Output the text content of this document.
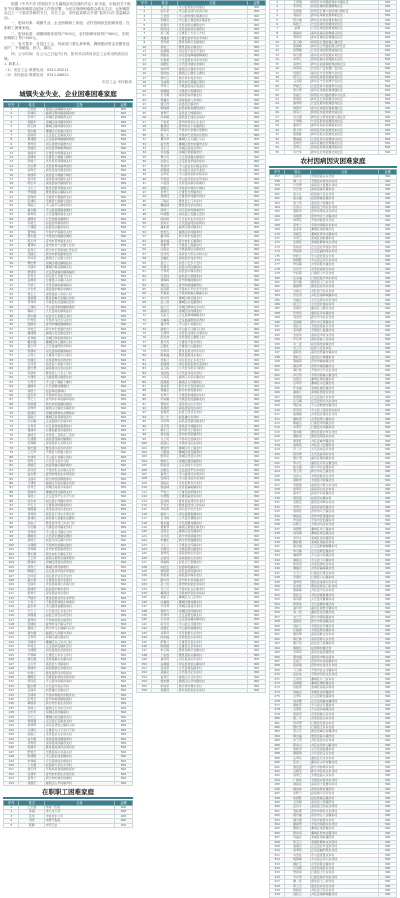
根据《中共中央 国务院关于打赢脱贫攻坚战的决定》和市委、市政府关于做好节日期间困难群众慰问工作的部署，为切实保障困难群众基本生活，让困难群众过上一个欢乐祥和的节日，市总工会、市民政局联合开展“春风行动”送温暖活动。

一、慰问对象：城镇失业、企业困难职工家庭；农村因病致贫困难家庭；在职职工困难家庭。

二、慰问标准：城镇困难家庭每户500元，农村困难家庭每户300元，在职困难职工每户400元。

三、有关要求：各县区工会、民政部门要认真审核，确保慰问资金足额发放到户，不得截留、挤占、挪用。

四、公示时间：自公示之日起7日内，如有异议请向市总工会或市民政局反映。

1. 联系人：

（1）市总工会 联系电话：0311-83211

（2）市民政局 联系电话：0311-86022

市总工会 市民政局

城镇失业失业、企业困难困难家庭
序号	姓名	住址	金额
1	王桂香	鹿泉区获鹿镇东关村	500
2	李建民	鹿泉区铜冶镇南铜冶村	500
3	张秀兰	栾城区栾城镇西关村	500
4	刘国华	栾城区冶河镇冶河村	500
5	陈玉梅	藁城区廉州镇东街村	500
6	杨志刚	藁城区兴安镇兴安村	500
7	赵淑珍	正定县正定镇南关村	500
8	黄建国	正定县新城铺镇新城村	500
9	周秀英	井陉县微水镇微水村	500
10	吴国庆	井陉县秀林镇秀林村	500
11	徐丽华	行唐县龙州镇南关村	500
12	孙建华	行唐县上碑镇上碑村	500
13	胡桂兰	灵寿县灵寿镇城关村	500
14	朱志勇	灵寿县青同镇青同村	500
15	高秀芝	高邑县高邑镇北街村	500
16	林建军	高邑县万城镇万城村	500
17	何凤英	深泽县深泽镇东关村	500
18	郭志华	深泽县铁杆镇铁杆村	500
19	马玉兰	赞皇县赞皇镇南关村	500
20	罗国强	赞皇县院头镇院头村	500
21	梁秀珍	无极县无极镇西关村	500
22	宋建民	无极县七汲镇七汲村	500
23	郑淑兰	平山县平山镇东街村	500
24	谢志刚	平山县温塘镇温塘村	500
25	韩秀英	元氏县槐阳镇北关村	500
26	唐国华	元氏县殷村镇殷村	500
27	冯桂芝	赵县赵州镇南街村	500
28	于建国	赵县范庄镇范庄村	500
29	董秀梅	辛集市辛集镇东关村	500
30	萧志强	辛集市旧城镇旧城村	500
31	程玉珍	晋州市晋州镇北关村	500
32	曹建华	晋州市总十庄镇十庄村	500
33	袁秀兰	新乐市长寿街道长寿社区	500
34	邓国庆	新乐市承安镇承安村	500
35	许凤英	鹿泉区上庄镇上庄村	500
36	傅志勇	栾城区楼底镇楼底村	500
37	沈丽华	藁城区梅花镇梅花村	500
38	曾建军	正定县诸福屯镇诸福村	500
39	彭秀芝	井陉县天长镇天长村	500
40	吕国华	行唐县口头镇口头村	500
41	苏桂兰	灵寿县慈峪镇慈峪村	500
42	卢志华	高邑县中韩乡中韩村	500
43	蒋玉兰	深泽县赵八乡赵八村	500
44	蔡国强	赞皇县嶂石岩镇石岩村	500
45	贾秀珍	无极县张段固镇张段村	500
46	丁建民	平山县西柏坡镇柏坡村	500
47	魏淑兰	元氏县南佐镇南佐村	500
48	薛志刚	赵县北王里镇王里村	500
49	叶秀英	辛集市马庄乡马庄村	500
50	阎国华	晋州市槐树镇槐树村	500
51	余桂芝	新乐市化皮镇化皮村	500
52	潘建国	鹿泉区宜安镇宜安村	500
53	杜秀梅	栾城区窦妪镇窦妪村	500
54	戴志强	藁城区岗上镇岗上村	500
55	夏玉珍	正定县曲阳桥乡桥村	500
56	钟建华	井陉县南峪镇南峪村	500
57	汪秀兰	行唐县只里乡只里村	500
58	田国庆	灵寿县狗台乡狗台村	500
59	任凤英	高邑县大营镇大营村	500
60	姜志勇	深泽县白庄乡白庄村	500
61	范丽华	赞皇县土门乡土门村	500
62	方建军	无极县郭庄镇郭庄村	500
63	石秀芝	平山县下槐镇下槐村	500
64	姚国华	元氏县姬村镇姬村	500
65	谭桂兰	赵县韩村镇韩村	500
66	廖志华	辛集市田家庄乡田村	500
67	邹玉兰	晋州市东卓宿镇卓宿村	500
68	熊国强	新乐市杜固镇杜固村	500
69	金秀珍	鹿泉区白鹿泉乡鹿泉村	500
70	陆建民	栾城区柳林屯乡柳林村	500
71	郝淑兰	藁城区南营镇南营村	500
72	孔志刚	正定县南牛乡南牛村	500
73	白秀英	井陉县测鱼镇测鱼村	500
74	崔国华	行唐县翟营乡翟营村	500
75	康桂芝	灵寿县三圣院乡三圣村	500
76	毛建国	高邑县西富村镇富村	500
77	邱秀梅	深泽县桥头乡桥头村	500
78	秦志强	赞皇县许亭乡许亭村	500
79	江玉珍	无极县大陈镇大陈村	500
80	史建华	平山县小觉镇小觉村	500
81	顾秀兰	元氏县马村乡马村	500
82	侯国庆	赵县新寨店镇新寨村	500
83	邵凤英	辛集市张古庄镇古庄村	500
84	孟志勇	晋州市周家庄乡周家村	500
85	龙丽华	新乐市邯邰镇邯邰村	500
86	万建军	鹿泉区寺家庄镇寺家村	500
87	段秀芝	栾城区南高乡南高村	500
88	雷国华	藁城区西关镇西关村	500
89	钱桂兰	正定县西平乐乡平乐村	500
90	汤志华	井陉县小作镇小作村	500
91	尹玉兰	行唐县南桥镇南桥村	500
92	黎国强	灵寿县北洼乡北洼村	500
93	易秀珍	高邑县王同庄乡同庄村	500
94	常建民	深泽县大直要乡直要村	500
95	武淑兰	赞皇县西龙门乡龙门村	500
96	乔志刚	无极县北苏镇北苏村	500
97	贺秀英	平山县古月镇古月村	500
98	赖国华	元氏县宋曹镇宋曹村	500
99	龚桂芝	赵县沙河店镇沙河村	500
100	文建国	辛集市位伯镇位伯村	500
101	庞秀梅	晋州市营里镇营里村	500
102	樊志强	新乐市东王镇东王村	500
103	兰玉珍	鹿泉区黄壁庄镇黄壁村	500
104	殷建华	栾城区西营乡西营村	500
105	施秀兰	藁城区增村镇增村	500
106	陶国庆	正定县北早现乡早现村	500
107	洪凤英	井陉县辛庄乡辛庄村	500
108	翟志勇	行唐县安香乡安香村	500
109	安丽华	灵寿县南燕川乡燕川村	500
110	颜建军	高邑县中韩乡北村	500
111	倪秀芝	深泽县留村乡留村	500
112	严国华	赞皇县黄北坪乡北坪村	500
113	牛桂兰	无极县里城道乡城道村	500
114	温志华	平山县回舍镇回舍村	500
115	芦玉兰	元氏县北正乡北正村	500
116	季国强	赵县王西章乡西章村	500
117	俞秀珍	辛集市前营乡前营村	500
118	章建民	晋州市马于镇马于村	500
119	鲁淑兰	新乐市马头铺镇马头村	500
120	葛志刚	鹿泉区大河镇大河村	500
121	伍秀英	栾城区楼底镇东村	500
122	韦国华	藁城区九门乡九门村	500
123	申桂芝	正定县新安镇新安村	500
124	尤建国	井陉县孙庄乡孙庄村	500
125	毕秀梅	行唐县玉亭乡玉亭村	500
126	聂志强	灵寿县寨头乡寨头村	500
127	丛玉珍	高邑县大营镇南村	500
128	焦建华	深泽县耿庄乡耿庄村	500
129	向秀兰	赞皇县阳泽乡阳泽村	500
130	柳国庆	无极县东侯坊乡侯坊村	500
131	邢凤英	平山县岗南镇岗南村	500
132	路志勇	元氏县苏村乡苏村	500
133	岳丽华	赵县谢庄乡谢庄村	500
134	齐建军	辛集市和睦井乡睦井村	500
135	沿秀芝	晋州市桃园镇桃园村	500
136	梅国华	新乐市彭家庄乡彭村	500
137	莫桂兰	鹿泉区石井乡石井村	500
138	庄志华	栾城区冶河镇南村	500
139	辛玉兰	藁城区常安镇常安村	500
140	管国强	正定县正定镇北关村	500
141	祝秀珍	井陉县苍岩山镇岩山村	500
142	左建民	行唐县九口子乡口子村	500
143	涂淑兰	灵寿县岔头乡岔头村	500
144	谷志刚	高邑县高邑镇南街村	500
145	祁秀英	深泽县深泽镇西关村	500
146	时国华	赞皇县南清河乡清河村	500
147	舒桂芝	无极县高头乡高头村	500
148	耿建国	平山县东回舍镇东村	500
149	牟秀梅	元氏县前仙乡前仙村	500
150	卜志强	赵县前大章乡大章村	500
151	詹玉珍	辛集市南智邱镇智邱村	500
152	关建华	晋州市东里庄乡里庄村	500
153	苗秀兰	新乐市协神乡协神村	500
154	凌国庆	鹿泉区山尹村镇尹村	500
在职职工困难家庭
序号	姓名	住址	金额
1	王志强	市第一医院	400
2	李丽	市公交公司	400
3	张伟	市自来水公司	400
4	刘洋	市燃气集团	400
5	陈静	市环卫处	400
序号	姓名	住址	金额
1	刘二旦	平山县营里乡营里村	300
2	张小花	平山县合河口乡河口村	300
3	王金锁	平山县蛟潭庄镇潭庄村	300
4	李满仓	平山县上观音堂乡观音村	300
5	赵银凤	灵寿县陈庄镇陈庄村	300
6	陈拴柱	灵寿县南营乡南营村	300
7	杨二妮	行唐县上方乡上方村	300
8	周福来	行唐县独羊岗乡羊岗村	300
9	吴秋菊	赞皇县嶂石岩镇南村	300
10	徐老三	赞皇县院头镇北村	300
11	孙喜梅	井陉县于家乡于家村	300
12	胡铁蛋	井陉县南障城镇障城村	300
13	朱春燕	元氏县黑水河乡水河村	300
14	高根生	元氏县北褚乡北褚村	300
15	林改琴	鹿泉区白鹿泉乡东村	300
16	何拴成	鹿泉区上寨乡上寨村	300
17	郭巧云	新乐市木村乡木村	300
18	马成海	新乐市正莫镇正莫村	300
19	罗翠兰	无极县南流乡南流村	300
20	梁满囤	无极县大陈镇西村	300
21	宋月娥	深泽县铁杆镇北村	300
22	郑福全	深泽县赵八乡南村	300
23	谢玉珍	赵县范庄镇北村	300
24	韩保国	赵县南柏舍镇柏舍村	300
25	唐秀芹	高邑县万城镇南村	300
26	冯来顺	高邑县王同庄乡东村	300
27	于桂荣	晋州市周家庄乡北村	300
28	董喜旺	晋州市总十庄镇西村	300
29	萧春英	辛集市中里厢乡里厢村	300
30	程二牛	辛集市天宫营乡宫营村	300
31	曹凤琴	藁城区丘头镇丘头村	300
32	袁长贵	藁城区贾市庄镇市庄村	300
33	邓小红	栾城区南高乡西村	300
34	许全福	栾城区窦妪镇北村	300
35	傅兰英	正定县诸福屯镇南村	300
36	沈金山	正定县北早现乡东村	300
37	曾桂珍	平山县孟家庄镇孟家村	300
38	彭银锁	平山县宅北乡宅北村	300
39	吕翠花	平山县杨家桥乡杨家村	300
40	苏老四	平山县苏家庄乡苏家村	300
41	卢爱莲	灵寿县南寨乡南寨村	300
42	蒋根宝	灵寿县牛城乡牛城村	300
43	蔡秀云	行唐县龙州镇西村	300
44	贾保柱	行唐县市同镇市同村	300
45	丁淑贞	赞皇县土门乡东村	300
46	魏成林	赞皇县许亭乡西村	300
47	薛秋兰	井陉县威州镇威州村	300
48	叶德胜	井陉县上安镇上安村	300
49	阎凤梅	元氏县东张乡东张村	300
50	余有才	元氏县赵同乡赵同村	300
51	潘彩霞	鹿泉区铜冶镇北村	300
52	杜老五	鹿泉区李村镇李村	300
53	戴月梅	新乐市化皮镇北村	300
54	夏永福	新乐市东王镇西村	300
55	钟素琴	无极县七汲镇东村	300
56	汪保全	无极县郝庄乡郝庄村	300
57	田改英	深泽县大桥头乡桥头村	300
58	任福生	深泽县羊村乡羊村	300
59	姜玉兰	赵县大安乡大安村	300
60	范满仓	赵县沙河店镇东村	300
61	方秀英	高邑县中韩乡西村	300
62	石金柱	高邑县大营镇北村	300
63	姚春梅	晋州市槐树镇东村	300
64	谭拴宝	晋州市桃园镇西村	300
65	廖凤霞	辛集市小辛庄乡辛庄村	300
66	邹喜来	辛集市新垒头镇垒头村	300
67	熊巧珍	藁城区梅花镇北村	300
68	金二虎	藁城区兴安镇西村	300
69	陆兰芝	栾城区柳林屯乡东村	300
70	郝铁柱	栾城区冶河镇北村	300
71	孔彩云	正定县新城铺镇北村	300
72	白福海	正定县曲阳桥乡西村	300
73	崔改琴	平山县小觉镇东村	300
74	康老六	平山县下口镇下口村	300
75	毛秀珍	灵寿县北谭庄乡谭庄村	300
76	邱长林	灵寿县塔上镇塔上村	300
77	秦月英	行唐县只里乡西村	300
78	江银生	行唐县口头镇北村	300
79	史翠萍	赞皇县黄北坪乡东村	300
80	顾来福	赞皇县阳泽乡北村	300
81	侯春兰	井陉县北正乡北正村	300
82	邵保国	井陉县吴家窑乡家窑村	300
83	孟玉梅	元氏县苏阳乡苏阳村	300
84	龙拴成	元氏县马村乡北村	300
85	万凤英	鹿泉区寺家庄镇东村	300
86	段满囤	鹿泉区大河镇西村	300
87	雷桂香	新乐市长寿街道东村	300
88	钱福全	新乐市承安镇北村	300
89	汤秀芹	无极县里城道乡东村	300
90	尹来顺	无极县张段固镇北村	300
91	黎桂荣	深泽县白庄乡北村	300
92	易喜旺	深泽县留村乡东村	300
93	常春英	赵县王西章乡北村	300
94	武二牛	赵县谢庄乡西村	300
95	乔凤琴	高邑县西富村镇北村	300
96	贺长贵	高邑县万城镇北村	300
97	赖小红	晋州市马于镇东村	300
98	龚全福	晋州市营里镇西村	300
99	文兰英	辛集市位伯镇北村	300
100	庞金山	辛集市马庄乡东村	300
101	樊桂珍	藁城区岗上镇北村	300
102	兰银锁	藁城区常安镇西村	300
103	殷翠花	栾城区西营乡北村	300
104	施老七	栾城区楼底镇西村	300
105	陶爱莲	正定县南牛乡北村	300
106	洪根宝	正定县西平乐乡东村	300
107	翟秀云	平山县两河乡两河村	300
108	安保柱	平山县北冶乡北冶村	300
109	颜淑贞	灵寿县狗台乡北村	300
110	倪成林	灵寿县慈峪镇东村	300
111	严秋兰	行唐县南桥镇北村	300
112	牛德胜	行唐县翟营乡东村	300
113	温凤梅	赞皇县南清河乡北村	300
114	芦有才	赞皇县西龙门乡东村	300
115	季彩霞	井陉县辛庄乡北村	300
116	俞老八	井陉县测鱼镇东村	300
117	章月梅	元氏县宋曹镇北村	300
118	鲁永福	元氏县姬村镇东村	300
119	葛素琴	鹿泉区黄壁庄镇北村	300
120	伍保全	鹿泉区宜安镇东村	300
121	韦改英	新乐市邯邰镇北村	300
122	申福生	新乐市杜固镇东村	300
123	尤玉兰	无极县北苏镇东村	300
124	毕满仓	无极县郭庄镇北村	300
125	聂秀英	深泽县耿庄乡北村	300
126	丛金柱	深泽县桥头乡东村	300
127	焦春梅	赵县北王里镇北村	300
128	向拴宝	赵县韩村镇东村	300
129	柳凤霞	高邑县高邑镇东村	300
130	邢喜来	高邑县中韩乡北村	300
131	路巧珍	晋州市东卓宿镇北村	300
132	岳二虎	晋州市东里庄乡东村	300
133	齐兰芝	辛集市张古庄镇北村	300
134	梅铁柱	辛集市田家庄乡东村	300
135	莫彩云	藁城区九门乡北村	300
136	庄福海	藁城区增村镇东村	300
137	辛改琴	栾城区南高乡北村	300
138	管老九	栾城区冶河镇东村	300
139	祝秀珍	正定县新安镇北村	300
140	左长林	正定县诸福屯镇东村	300
141	涂月英	平山县古月镇北村	300
142	谷银生	平山县岗南镇东村	300
143	祁翠萍	灵寿县寨头乡北村	300
144	时来福	灵寿县岔头乡东村	300
145	舒春兰	行唐县安香乡北村	300
146	耿保国	行唐县玉亭乡东村	300
147	牟玉梅	赞皇县嶂石岩镇东村	300
148	卜拴成	赞皇县院头镇南村	300
149	詹凤英	井陉县孙庄乡北村	300
150	关满囤	井陉县苍岩山镇东村	300
151	苗桂香	元氏县南佐镇北村	300
152	凌福全	元氏县北正乡东村	300
153	霍秀芹	鹿泉区石井乡北村	300
154	虞来顺	鹿泉区山尹村镇东村	300
155	柴桂荣	新乐市协神乡北村	300
156	裴喜旺	新乐市彭家庄乡东村	300
1	王建国	桥西区东华路街道东华路社区	500
2	李秀英	桥西区维明街道维明社区	500
3	张国强	桥西区红旗大街街道红旗社区	500
4	刘淑芳	新华区革新街道革新社区	500
5	陈志刚	新华区东焦街道东焦社区	500
6	杨桂兰	长安区建北街道建北社区	500
7	赵明	长安区青园街道青园社区	500
8	黄丽华	裕华区裕兴街道裕兴社区	500
9	周建军	裕华区槐底街道槐底社区	500
10	吴玉梅	桥西区汇通街道汇通社区	500
11	徐海峰	新华区合作路街道合作社区	500
12	孙慧敏	长安区谈固街道谈固社区	500
13	胡志强	裕华区东苑街道东苑社区	500
14	朱秀兰	桥西区振头街道振头社区	500
15	高建华	新华区赵陵铺街道赵陵社区	500
16	林凤英	长安区广安街道广安社区	500
17	何国庆	裕华区方北街道方北社区	500
18	郭玉兰	桥西区留营街道留营社区	500
19	马文明	新华区宁安街道宁安社区	500
20	罗桂芝	长安区育才街道育才社区	500
21	梁志勇	裕华区建通街道建通社区	500
22	宋淑兰	桥西区中山路街道中山社区	500
23	郑建民	新华区石岗街道石岗社区	500
24	谢秀珍	长安区胜利街道胜利社区	500
25	韩国华	裕华区裕强街道裕强社区	500
26	唐凤兰	桥西区友谊街道友谊社区	500
27	冯志国	新华区大郭村街道大郭社区	500
28	于秀梅	长安区跃进街道跃进社区	500
29	董建平	裕华区裕东街道裕东社区	500
30	萧玉珍	桥西区苑东街道苑东社区	500
31	程国栋	新华区杜北街道杜北社区	500
32	曹丽娟	长安区西兴街道西兴社区	500
33	袁建设	裕华区槐北街道槐北社区	500
34	邓秀兰	桥西区西里街道西里社区	500
35	许志华	新华区北苑街道北苑社区	500
农村因病因灾困难家庭
序号	姓名	住址	金额
157	包春英	无极县高头乡北村	300
158	薄二牛	无极县东侯坊乡东村	300
159	计凤琴	深泽县大直要乡北村	300
160	伏长贵	深泽县铁杆镇东村	300
161	成小红	赵县前大章乡北村	300
162	戚全福	赵县新寨店镇东村	300
163	谈兰英	高邑县大营镇东村	300
164	宗金山	高邑县王同庄乡北村	300
165	裘桂珍	晋州市周家庄乡东村	300
166	栾银锁	晋州市总十庄镇北村	300
167	冉翠花	辛集市前营乡北村	300
168	荣老十	辛集市和睦井乡东村	300
169	屈爱莲	藁城区南营镇北村	300
170	闵根宝	藁城区贾市庄镇东村	300
171	车秀云	栾城区窦妪镇东村	300
172	皮保柱	栾城区柳林屯乡北村	300
173	班淑贞	正定县北早现乡北村	300
174	仰成林	正定县曲阳桥乡东村	300
175	秋秋兰	平山县营里乡北村	300
176	仲德胜	平山县合河口乡东村	300
177	伊凤梅	灵寿县陈庄镇北村	300
178	宫有才	灵寿县南营乡东村	300
179	宁彩霞	行唐县上方乡北村	300
180	仇永福	行唐县独羊岗乡东村	300
181	栾月梅	赞皇县土门乡北村	300
182	暴素琴	赞皇县许亭乡东村	300
183	甘保全	井陉县于家乡北村	300
184	厉改英	井陉县南障城镇东村	300
185	戎福生	元氏县黑水河乡北村	300
186	祖玉兰	元氏县北褚乡东村	300
187	武满仓	鹿泉区上寨乡北村	300
188	符秀英	鹿泉区李村镇东村	300
189	刘金柱	新乐市木村乡北村	300
190	景春梅	新乐市正莫镇东村	300
191	詹拴宝	无极县南流乡北村	300
192	束凤霞	无极县七汲镇北村	300
193	龙喜来	深泽县羊村乡北村	300
194	叶巧珍	深泽县赵八乡东村	300
195	幸二虎	赵县南柏舍镇北村	300
196	司兰芝	赵县大安乡东村	300
197	韶铁柱	高邑县西富村镇东村	300
198	郜彩云	高邑县万城镇东村	300
199	黎福海	晋州市槐树镇北村	300
200	蓟改琴	晋州市桃园镇北村	300
201	薄长林	辛集市小辛庄乡北村	300
202	印月英	辛集市新垒头镇北村	300
203	宿银生	藁城区梅花镇东村	300
204	白翠萍	藁城区兴安镇北村	300
205	怀来福	栾城区楼底镇北村	300
206	蒲春兰	栾城区西营乡东村	300
207	邰保国	正定县南牛乡东村	300
208	从玉梅	正定县西平乐乡北村	300
209	鄂拴成	平山县蛟潭庄镇北村	300
210	索凤英	平山县上观音堂乡东村	300
211	咸满囤	灵寿县北谭庄乡北村	300
212	籍桂香	灵寿县塔上镇东村	300
213	赖福全	行唐县市同镇北村	300
214	卓秀芹	行唐县龙州镇东村	300
215	蔺来顺	赞皇县黄北坪乡北村	300
216	屠桂荣	赞皇县阳泽乡东村	300
217	蒙喜旺	井陉县威州镇北村	300
218	池春英	井陉县上安镇东村	300
219	乔二牛	元氏县东张乡北村	300
220	阴凤琴	元氏县赵同乡东村	300
221	郁长贵	鹿泉区铜冶镇东村	300
222	胥小红	鹿泉区寺家庄镇北村	300
223	能全福	新乐市化皮镇东村	300
224	苍兰英	新乐市东王镇北村	300
225	双金山	无极县郝庄乡北村	300
226	闻桂珍	无极县大陈镇北村	300
227	莘银锁	深泽县大桥头乡北村	300
228	党翠花	深泽县白庄乡东村	300
229	翟老大	赵县沙河店镇北村	300
230	谭爱莲	赵县范庄镇东村	300
231	贡根宝	高邑县中韩乡东村	300
232	劳秀云	高邑县高邑镇北村	300
233	逄保柱	晋州市马于镇北村	300
234	姬淑贞	晋州市营里镇东村	300
235	申成林	辛集市位伯镇东村	300
236	扶秋兰	辛集市马庄乡北村	300
237	堵德胜	藁城区岗上镇东村	300
238	冉凤梅	藁城区常安镇北村	300
239	宰有才	栾城区冶河镇西村	300
240	郦彩霞	栾城区南高乡东村	300
241	雍永福	正定县新城铺镇东村	300
242	却月梅	正定县新安镇东村	300
243	璩素琴	平山县小觉镇北村	300
244	桑保全	平山县下口镇东村	300
245	桂改英	灵寿县狗台乡东村	300
246	濮福生	灵寿县慈峪镇北村	300
247	牛玉兰	行唐县只里乡东村	300
248	寿满仓	行唐县口头镇东村	300
249	通秀英	赞皇县南清河乡东村	300
250	边金柱	赞皇县西龙门乡北村	300
251	扈春梅	井陉县辛庄乡东村	300
252	燕拴宝	井陉县测鱼镇北村	300
253	冀凤霞	元氏县宋曹镇东村	300
254	郏喜来	元氏县姬村镇北村	300
255	浦巧珍	鹿泉区黄壁庄镇东村	300
256	尚二虎	鹿泉区宜安镇北村	300
257	农兰芝	新乐市邯邰镇东村	300
258	温铁柱	新乐市杜固镇北村	300
259	别彩云	无极县北苏镇北村	300
260	庄福海	无极县郭庄镇东村	300
261	晏改琴	深泽县耿庄乡东村	300
262	柴长林	深泽县桥头乡北村	300
263	瞿月英	赵县北王里镇东村	300
264	阎银生	赵县韩村镇北村	300
265	充翠萍	高邑县高邑镇西村	300
266	慕来福	高邑县中韩乡南村	300
267	连春兰	晋州市东卓宿镇东村	300
268	茹保国	晋州市东里庄乡北村	300
269	习玉梅	辛集市张古庄镇东村	300
270	宦拴成	辛集市田家庄乡北村	300
271	艾凤英	藁城区九门乡东村	300
272	鱼满囤	藁城区增村镇北村	300
273	容桂香	栾城区南高乡南村	300
274	向福全	栾城区冶河镇南村	300
275	古秀芹	正定县新安镇南村	300
276	易来顺	正定县诸福屯镇西村	300
277	慎桂荣	平山县古月镇东村	300
278	戈喜旺	平山县岗南镇北村	300
279	廖春英	灵寿县寨头乡东村	300
280	庾二牛	灵寿县岔头乡北村	300
281	终凤琴	行唐县安香乡东村	300
282	暨长贵	行唐县玉亭乡北村	300
283	居小红	赞皇县嶂石岩镇西村	300
284	衡全福	赞皇县院头镇西村	300
285	步兰英	井陉县孙庄乡东村	300
286	都金山	井陉县苍岩山镇北村	300
287	耿桂珍	元氏县南佐镇东村	300
288	满银锁	元氏县北正乡北村	300
289	弘翠花	鹿泉区石井乡东村	300
290	匡老二	鹿泉区山尹村镇北村	300
291	国爱莲	新乐市协神乡东村	300
292	文根宝	新乐市彭家庄乡北村	300
293	寇秀云	无极县高头乡东村	300
294	广保柱	无极县东侯坊乡北村	300
295	禄淑贞	深泽县大直要乡东村	300
296	阙成林	深泽县铁杆镇西村	300
297	东秋兰	赵县前大章乡东村	300
298	欧德胜	赵县新寨店镇北村	300
299	殳凤梅	高邑县大营镇西村	300
300	沃有才	高邑县王同庄乡西村	300
301	利彩霞	晋州市周家庄乡西村	300
302	蔚永福	晋州市总十庄镇东村	300
303	越月梅	辛集市前营乡东村	300
304	夔素琴	辛集市和睦井乡北村	300
305	隆保全	藁城区南营镇东村	300
306	师改英	藁城区贾市庄镇北村	300
307	巩福生	栾城区窦妪镇西村	300
308	厍玉兰	栾城区柳林屯乡西村	300
309	聂满仓	正定县北早现乡西村	300
310	晁秀英	正定县曲阳桥乡北村	300
311	勾金柱	平山县营里乡东村	300
312	敖春梅	平山县合河口乡北村	300
313	融拴宝	灵寿县陈庄镇东村	300
314	冷凤霞	灵寿县南营乡北村	300
315	訾喜来	行唐县上方乡东村	300
316	辛巧珍	行唐县独羊岗乡北村	300
317	阚二虎	赞皇县土门乡西村	300
318	那兰芝	赞皇县许亭乡北村	300
319	简铁柱	井陉县于家乡东村	300
320	饶彩云	井陉县南障城镇北村	300
